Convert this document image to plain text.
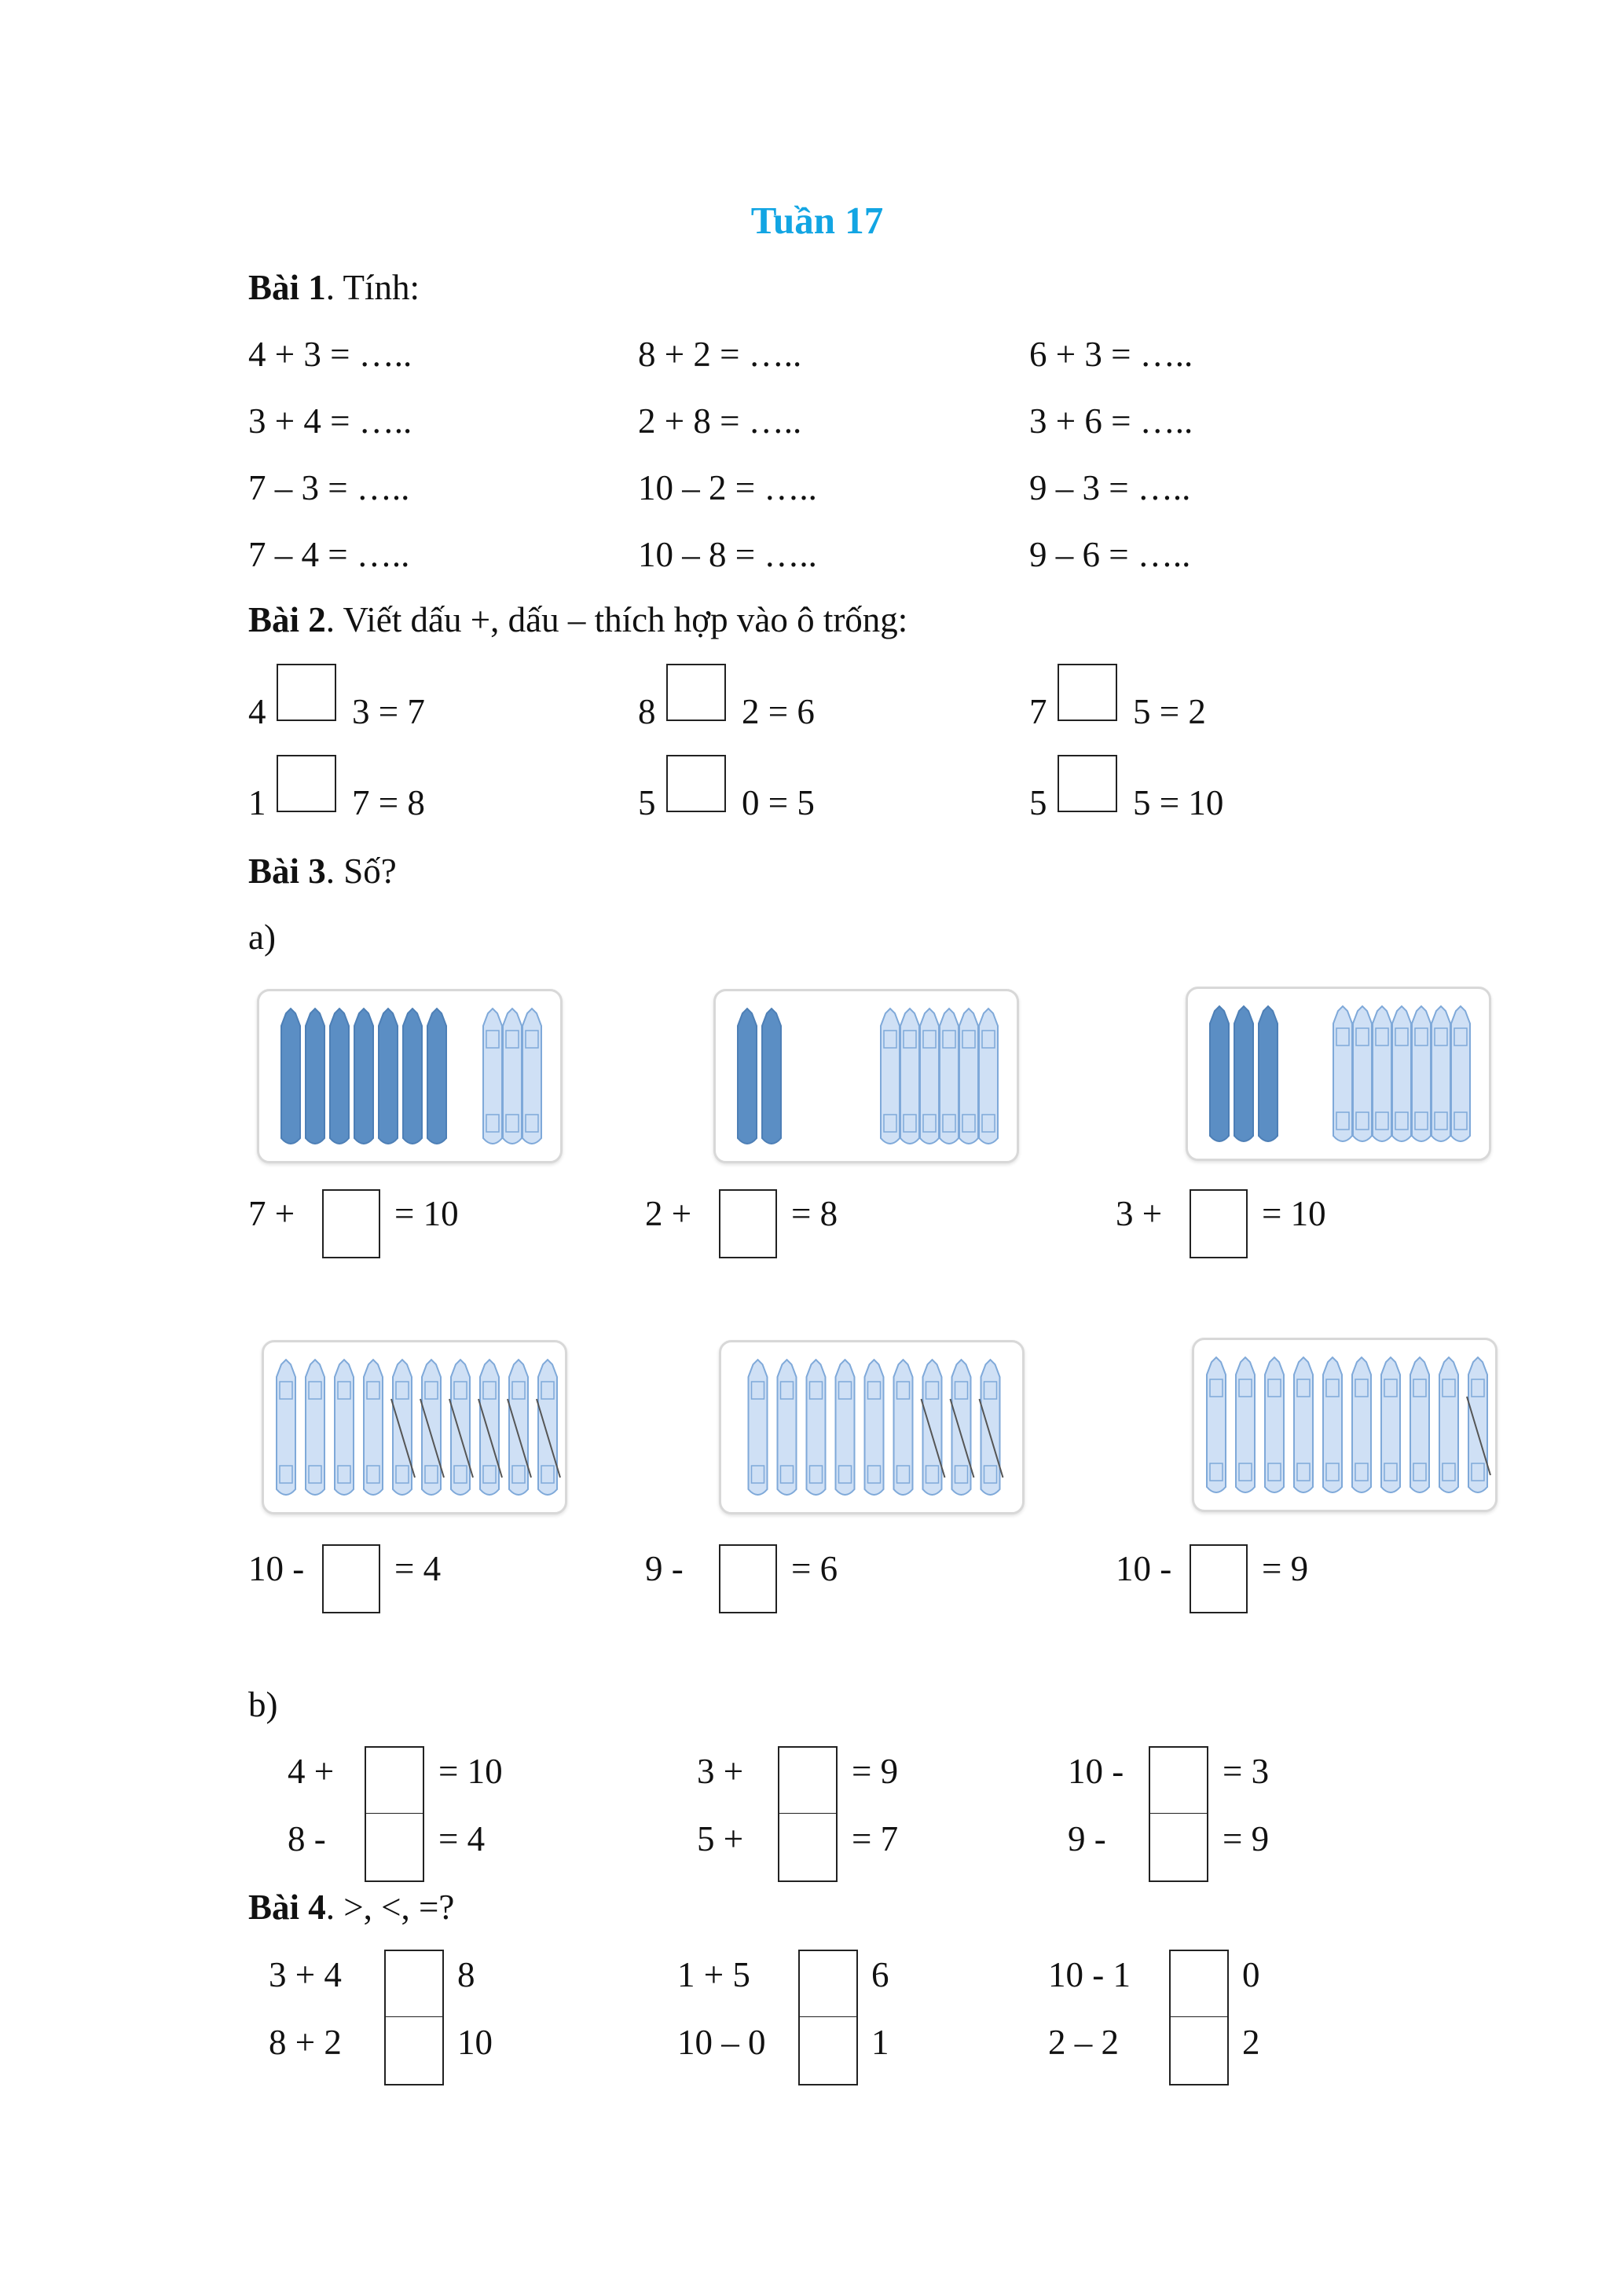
Tuần 17
Bài 1. Tính:
4 + 3 = …..	8 + 2 = …..	6 + 3 = …..
3 + 4 = …..	2 + 8 = …..	3 + 6 = …..
7 – 3 = …..	10 – 2 = …..	9 – 3 = …..
7 – 4 = …..	10 – 8 = …..	9 – 6 = …..
Bài 2. Viết dấu +, dấu – thích hợp vào ô trống:
4 3 = 7	8 2 = 6	7 5 = 2
1 7 = 8	5 0 = 5	5 5 = 10
Bài 3. Số?
a)
7 +	= 10	2 +	= 8	3 +	= 10
10 -	= 4	9 -	= 6	10 -	= 9
b)
4 +	= 10
8 -	= 4
3 +	= 9
5 +	= 7
10 -	= 3
9 -	= 9
Bài 4. >, <, =?
3 + 4	8
8 + 2	10
1 + 5	6
10 – 0	1
10 - 1	0
2 – 2	2
